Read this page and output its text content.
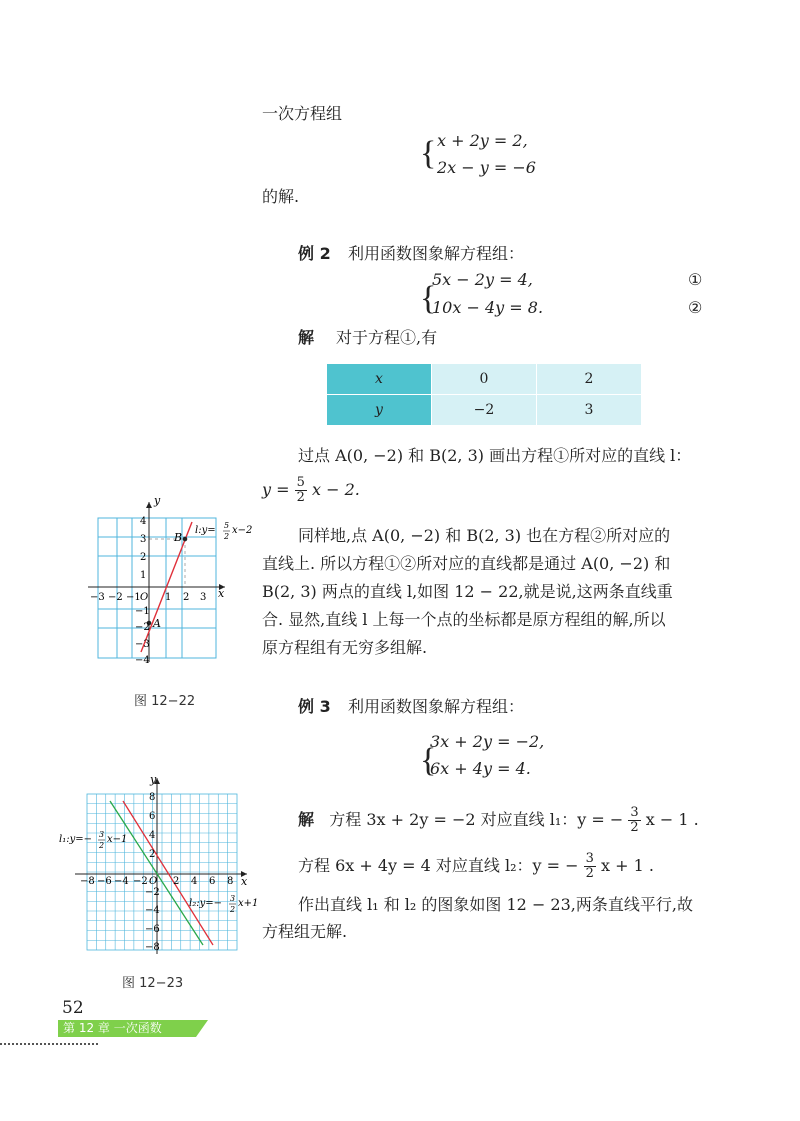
一次方程组
{ x + 2y = 2,
2x − y = −6
的解.
例 2 利用函数图象解方程组：
{
5x − 2y = 4,
10x − 4y = 8.
①
②
解 对于方程①,有
x	0	2
y	−2	3
过点 A(0, −2) 和 B(2, 3) 画出方程①所对应的直线 l：
$y = \frac{5}{2}$ x − 2.
同样地,点 A(0, −2) 和 B(2, 3) 也在方程②所对应的
直线上. 所以方程①②所对应的直线都是通过 A(0, −2) 和
B(2, 3) 两点的直线 l,如图 12 − 22,就是说,这两条直线重
合. 显然,直线 l 上每一个点的坐标都是原方程组的解,所以
原方程组有无穷多组解.
y
x
O
−3 −2 −1 1 2 3
4
3
2
1
−1
−2
−3
−4
A
B
l:y= 5
2
x−2
图 12−22	例 3 利用函数图象解方程组：
{
3x + 2y = −2,
6x + 4y = 4.
解 方程 3x + 2y = −2 对应直线 l₁：y = − $\frac{3}{2}$ x − 1 .
方程 6x + 4y = 4 对应直线 l₂：y = − $\frac{3}{2}$ x + 1 .
作出直线 l₁ 和 l₂ 的图象如图 12 − 23,两条直线平行,故
方程组无解.
y
x
O
−8 −6 −4 −2	2 4 6 8
8
6
4
2
−2
−4
−6
−8
l₁:y=− 3
2
x−1
l₂:y=− 3
2
x+1
图 12−23
52
第 12 章 一次函数
